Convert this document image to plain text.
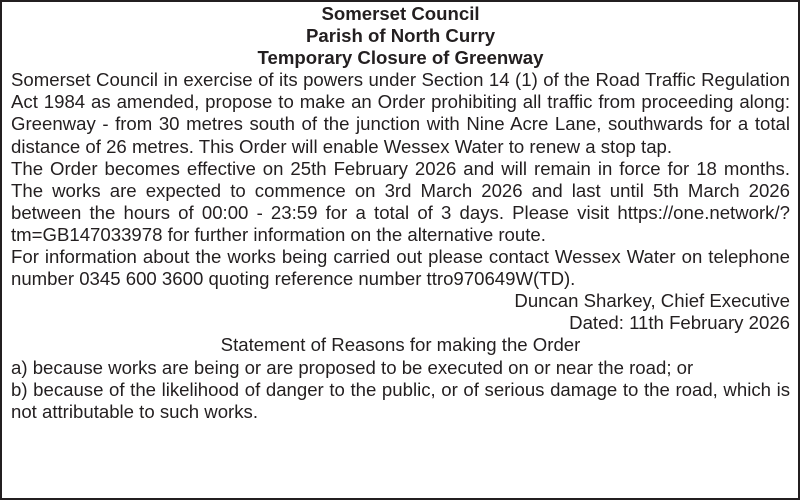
Somerset Council
Parish of North Curry
Temporary Closure of Greenway

Somerset Council in exercise of its powers under Section 14 (1) of the Road Traffic Regulation Act 1984 as amended, propose to make an Order prohibiting all traffic from proceeding along: Greenway - from 30 metres south of the junction with Nine Acre Lane, southwards for a total distance of 26 metres. This Order will enable Wessex Water to renew a stop tap.

The Order becomes effective on 25th February 2026 and will remain in force for 18 months. The works are expected to commence on 3rd March 2026 and last until 5th March 2026 between the hours of 00:00 - 23:59 for a total of 3 days. Please visit https://one.network/?tm=GB147033978 for further information on the alternative route.

For information about the works being carried out please contact Wessex Water on telephone number 0345 600 3600 quoting reference number ttro970649W(TD).

Duncan Sharkey, Chief Executive

Dated: 11th February 2026

Statement of Reasons for making the Order

a) because works are being or are proposed to be executed on or near the road; or

b) because of the likelihood of danger to the public, or of serious damage to the road, which is not attributable to such works.
